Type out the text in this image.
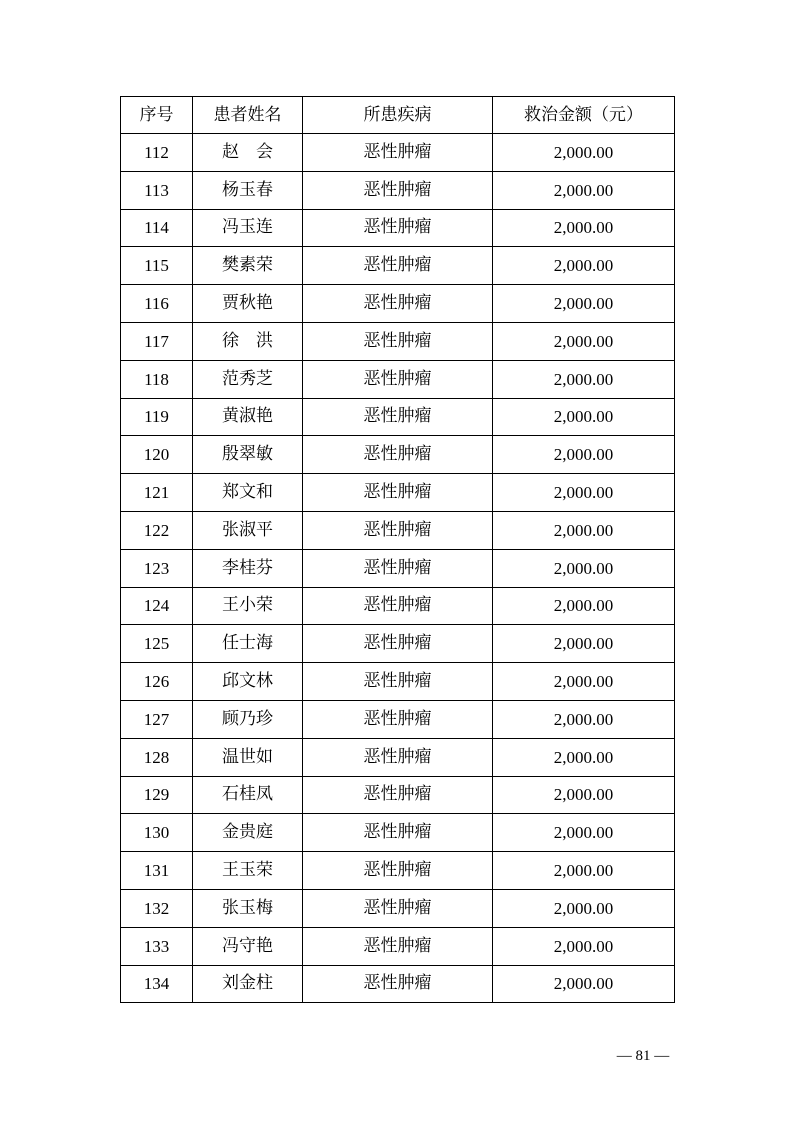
序号	患者姓名	所患疾病	救治金额（元）
112	赵　会	恶性肿瘤	2,000.00
113	杨玉春	恶性肿瘤	2,000.00
114	冯玉连	恶性肿瘤	2,000.00
115	樊素荣	恶性肿瘤	2,000.00
116	贾秋艳	恶性肿瘤	2,000.00
117	徐　洪	恶性肿瘤	2,000.00
118	范秀芝	恶性肿瘤	2,000.00
119	黄淑艳	恶性肿瘤	2,000.00
120	殷翠敏	恶性肿瘤	2,000.00
121	郑文和	恶性肿瘤	2,000.00
122	张淑平	恶性肿瘤	2,000.00
123	李桂芬	恶性肿瘤	2,000.00
124	王小荣	恶性肿瘤	2,000.00
125	任士海	恶性肿瘤	2,000.00
126	邱文林	恶性肿瘤	2,000.00
127	顾乃珍	恶性肿瘤	2,000.00
128	温世如	恶性肿瘤	2,000.00
129	石桂凤	恶性肿瘤	2,000.00
130	金贵庭	恶性肿瘤	2,000.00
131	王玉荣	恶性肿瘤	2,000.00
132	张玉梅	恶性肿瘤	2,000.00
133	冯守艳	恶性肿瘤	2,000.00
134	刘金柱	恶性肿瘤	2,000.00
— 81 —
